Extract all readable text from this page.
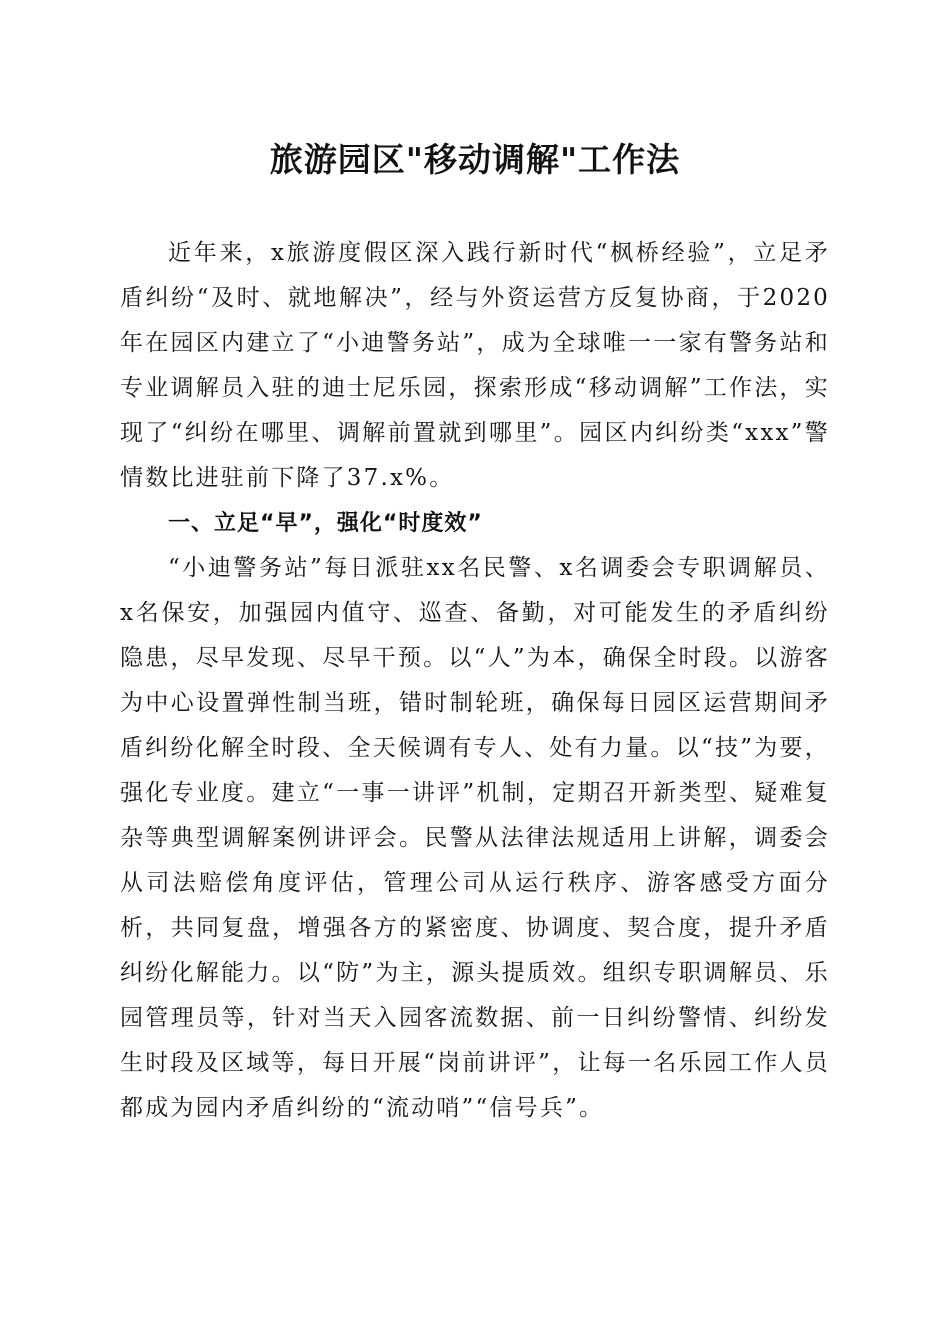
旅游园区"移动调解"工作法
近年来，x旅游度假区深入践行新时代“枫桥经验”，立足矛盾纠纷“及时、就地解决”，经与外资运营方反复协商，于2020年在园区内建立了“小迪警务站”，成为全球唯一一家有警务站和专业调解员入驻的迪士尼乐园，探索形成“移动调解”工作法，实现了“纠纷在哪里、调解前置就到哪里”。园区内纠纷类“xxx”警情数比进驻前下降了37.x%。
一、立足“早”，强化“时度效”
“小迪警务站”每日派驻xx名民警、x名调委会专职调解员、x名保安，加强园内值守、巡查、备勤，对可能发生的矛盾纠纷隐患，尽早发现、尽早干预。以“人”为本，确保全时段。以游客为中心设置弹性制当班，错时制轮班，确保每日园区运营期间矛盾纠纷化解全时段、全天候调有专人、处有力量。以“技”为要，强化专业度。建立“一事一讲评”机制，定期召开新类型、疑难复杂等典型调解案例讲评会。民警从法律法规适用上讲解，调委会从司法赔偿角度评估，管理公司从运行秩序、游客感受方面分析，共同复盘，增强各方的紧密度、协调度、契合度，提升矛盾纠纷化解能力。以“防”为主，源头提质效。组织专职调解员、乐园管理员等，针对当天入园客流数据、前一日纠纷警情、纠纷发生时段及区域等，每日开展“岗前讲评”，让每一名乐园工作人员都成为园内矛盾纠纷的“流动哨”“信号兵”。
